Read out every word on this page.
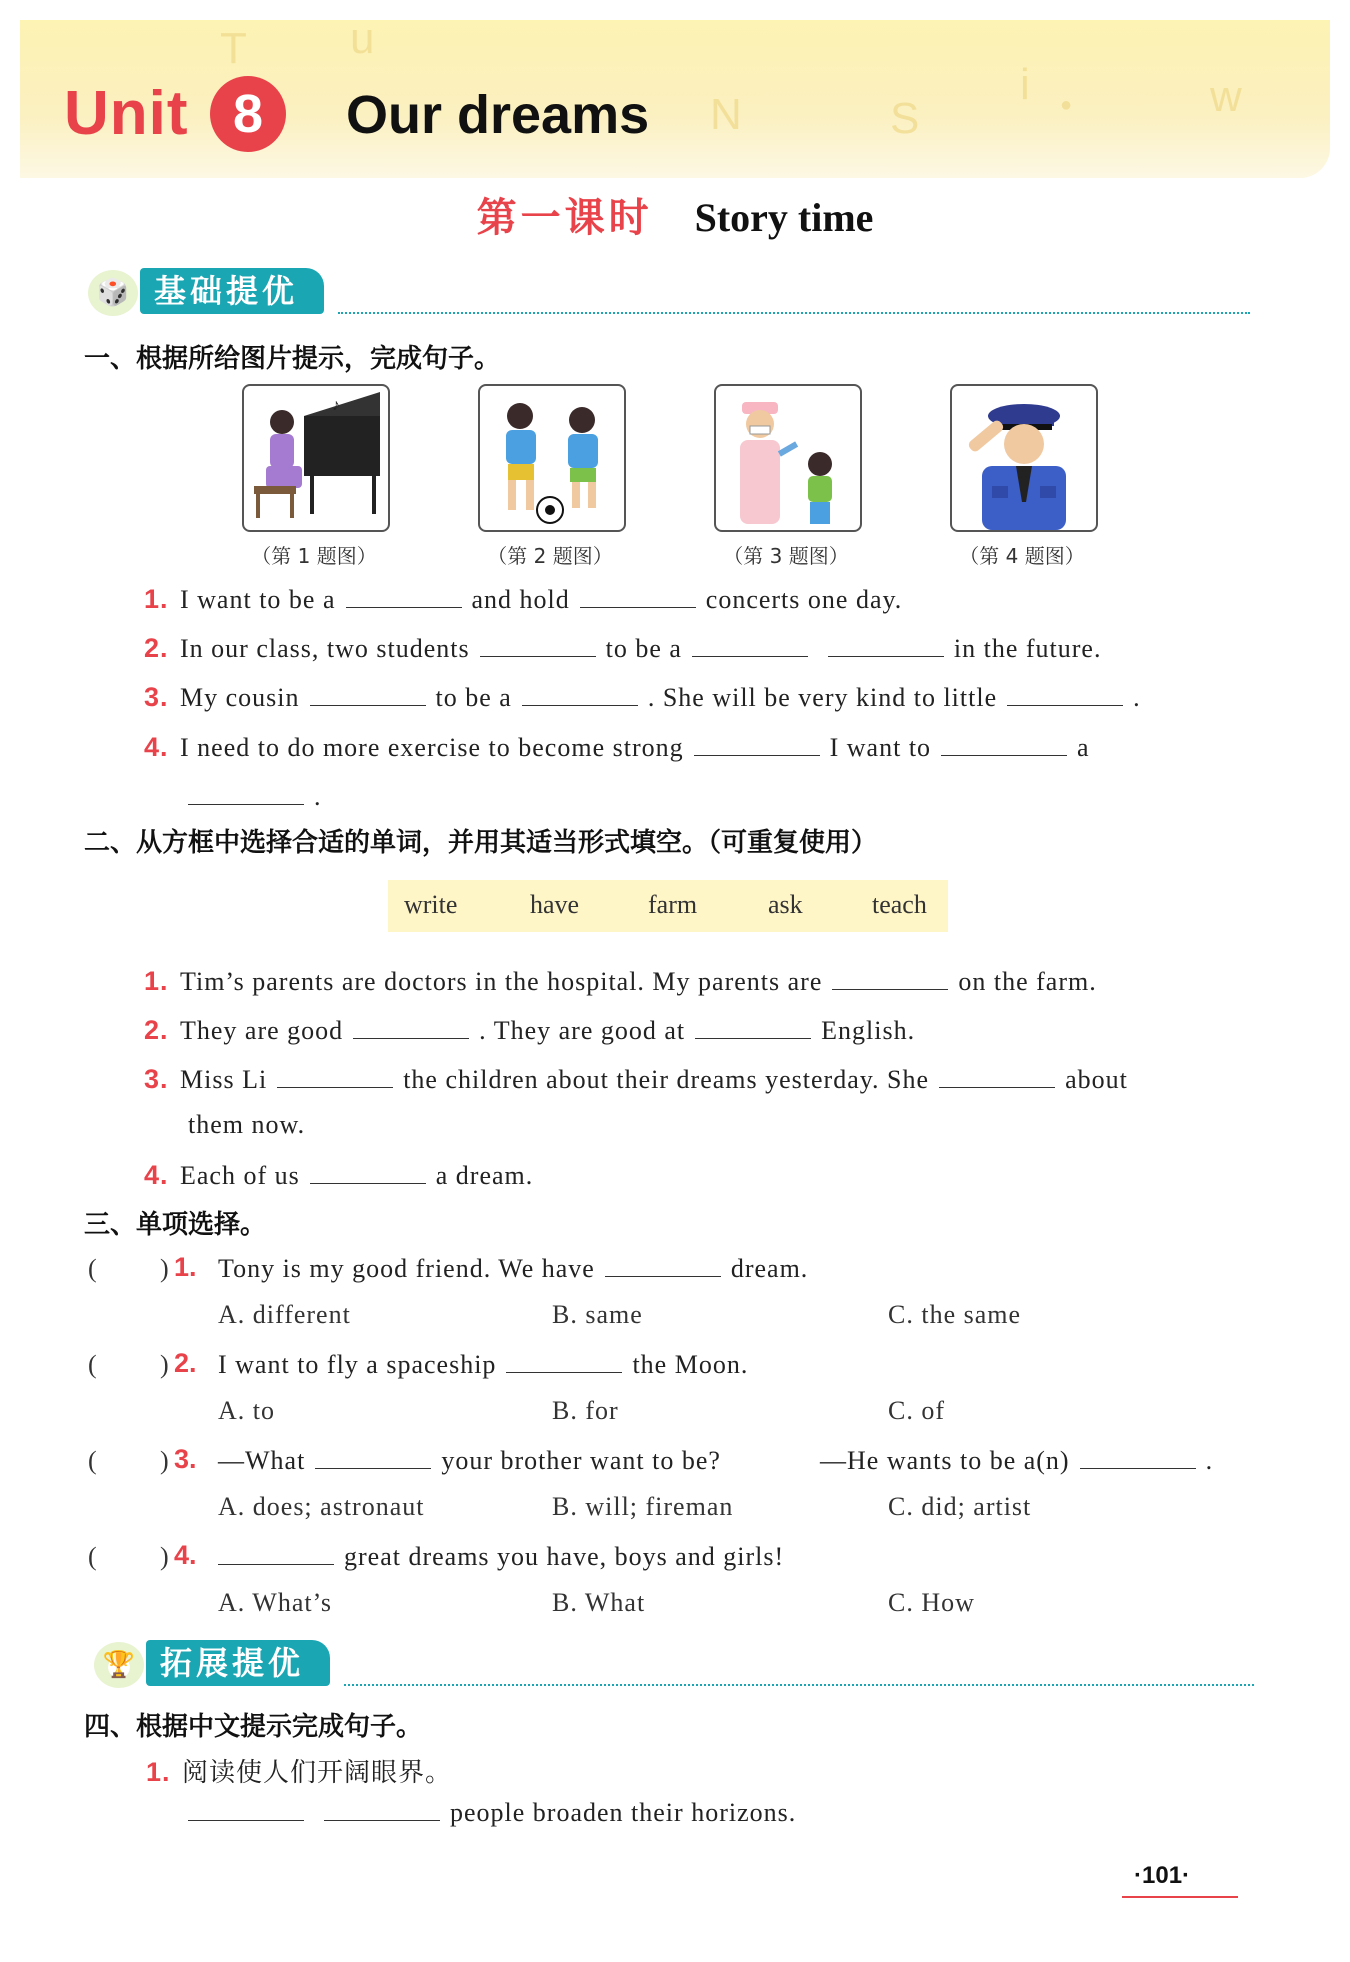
T u
N	S
i ●	w
Unit 8	Our dreams
第一课时 Story time
🎲 基础提优
一、根据所给图片提示，完成句子。
♪
（第 1 题图）	（第 2 题图）	（第 3 题图）	（第 4 题图）
1. I want to be a	and hold	concerts one day.
2. In our class, two students	to be a	in the future.
3. My cousin	to be a	. She will be very kind to little	.
4. I need to do more exercise to become strong	I want to	a
.
二、从方框中选择合适的单词，并用其适当形式填空。（可重复使用）
write	have	farm	ask	teach
1. Tim’s parents are doctors in the hospital. My parents are	on the farm.
2. They are good	. They are good at	English.
3. Miss Li	the children about their dreams yesterday. She	about
them now.
4. Each of us	a dream.
三、单项选择。
( ) 1. Tony is my good friend. We have	dream.
A. different	B. same	C. the same
( ) 2. I want to fly a spaceship	the Moon.
A. to	B. for	C. of
( ) 3. —What	your brother want to be?	—He wants to be a(n)	.
A. does; astronaut	B. will; fireman	C. did; artist
( ) 4.	great dreams you have, boys and girls!
A. What’s	B. What	C. How
🏆 拓展提优
四、根据中文提示完成句子。
1. 阅读使人们开阔眼界。
people broaden their horizons.
·101·
